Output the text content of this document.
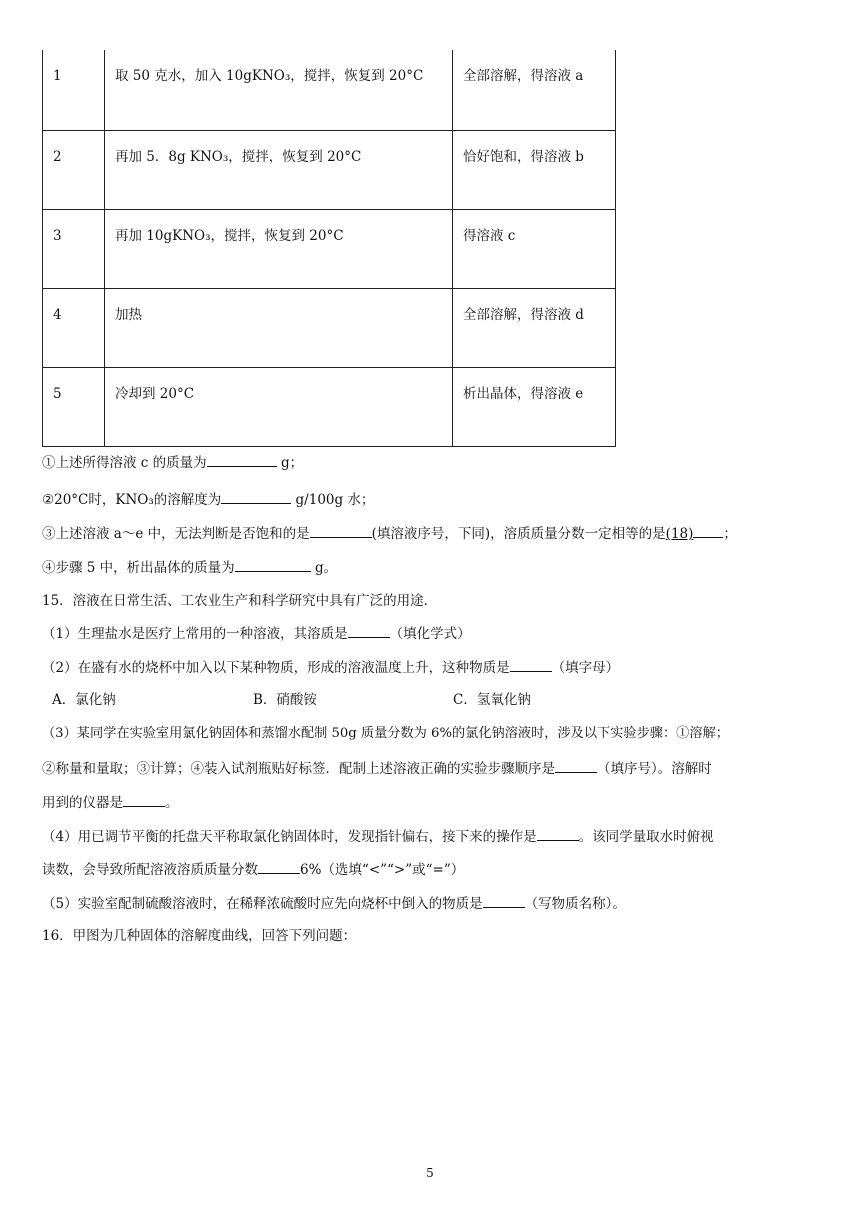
1	取 50 克水，加入 10gKNO₃，搅拌，恢复到 20°C	全部溶解，得溶液 a

2	再加 5．8g KNO₃，搅拌，恢复到 20°C	恰好饱和，得溶液 b

3	再加 10gKNO₃，搅拌，恢复到 20°C	得溶液 c

4	加热	全部溶解，得溶液 d

5	冷却到 20°C	析出晶体，得溶液 e
①上述所得溶液 c 的质量为	g；
②20°C时，KNO₃的溶解度为	g/100g 水；
③上述溶液 a～e 中，无法判断是否饱和的是	(填溶液序号，下同)，溶质质量分数一定相等的是(18) ；
④步骤 5 中，析出晶体的质量为	g。
15．溶液在日常生活、工农业生产和科学研究中具有广泛的用途．
（1）生理盐水是医疗上常用的一种溶液，其溶质是	（填化学式）
（2）在盛有水的烧杯中加入以下某种物质，形成的溶液温度上升，这种物质是	（填字母）
A．氯化钠	B．硝酸铵	C．氢氧化钠
（3）某同学在实验室用氯化钠固体和蒸馏水配制 50g 质量分数为 6%的氯化钠溶液时，涉及以下实验步骤：①溶解；
②称量和量取；③计算；④装入试剂瓶贴好标签．配制上述溶液正确的实验步骤顺序是	（填序号）。溶解时
用到的仪器是	。
（4）用已调节平衡的托盘天平称取氯化钠固体时，发现指针偏右，接下来的操作是	。该同学量取水时俯视
读数，会导致所配溶液溶质质量分数	6%（选填“<”“>”或“=”）
（5）实验室配制硫酸溶液时，在稀释浓硫酸时应先向烧杯中倒入的物质是	（写物质名称）。
16．甲图为几种固体的溶解度曲线，回答下列问题：
5
